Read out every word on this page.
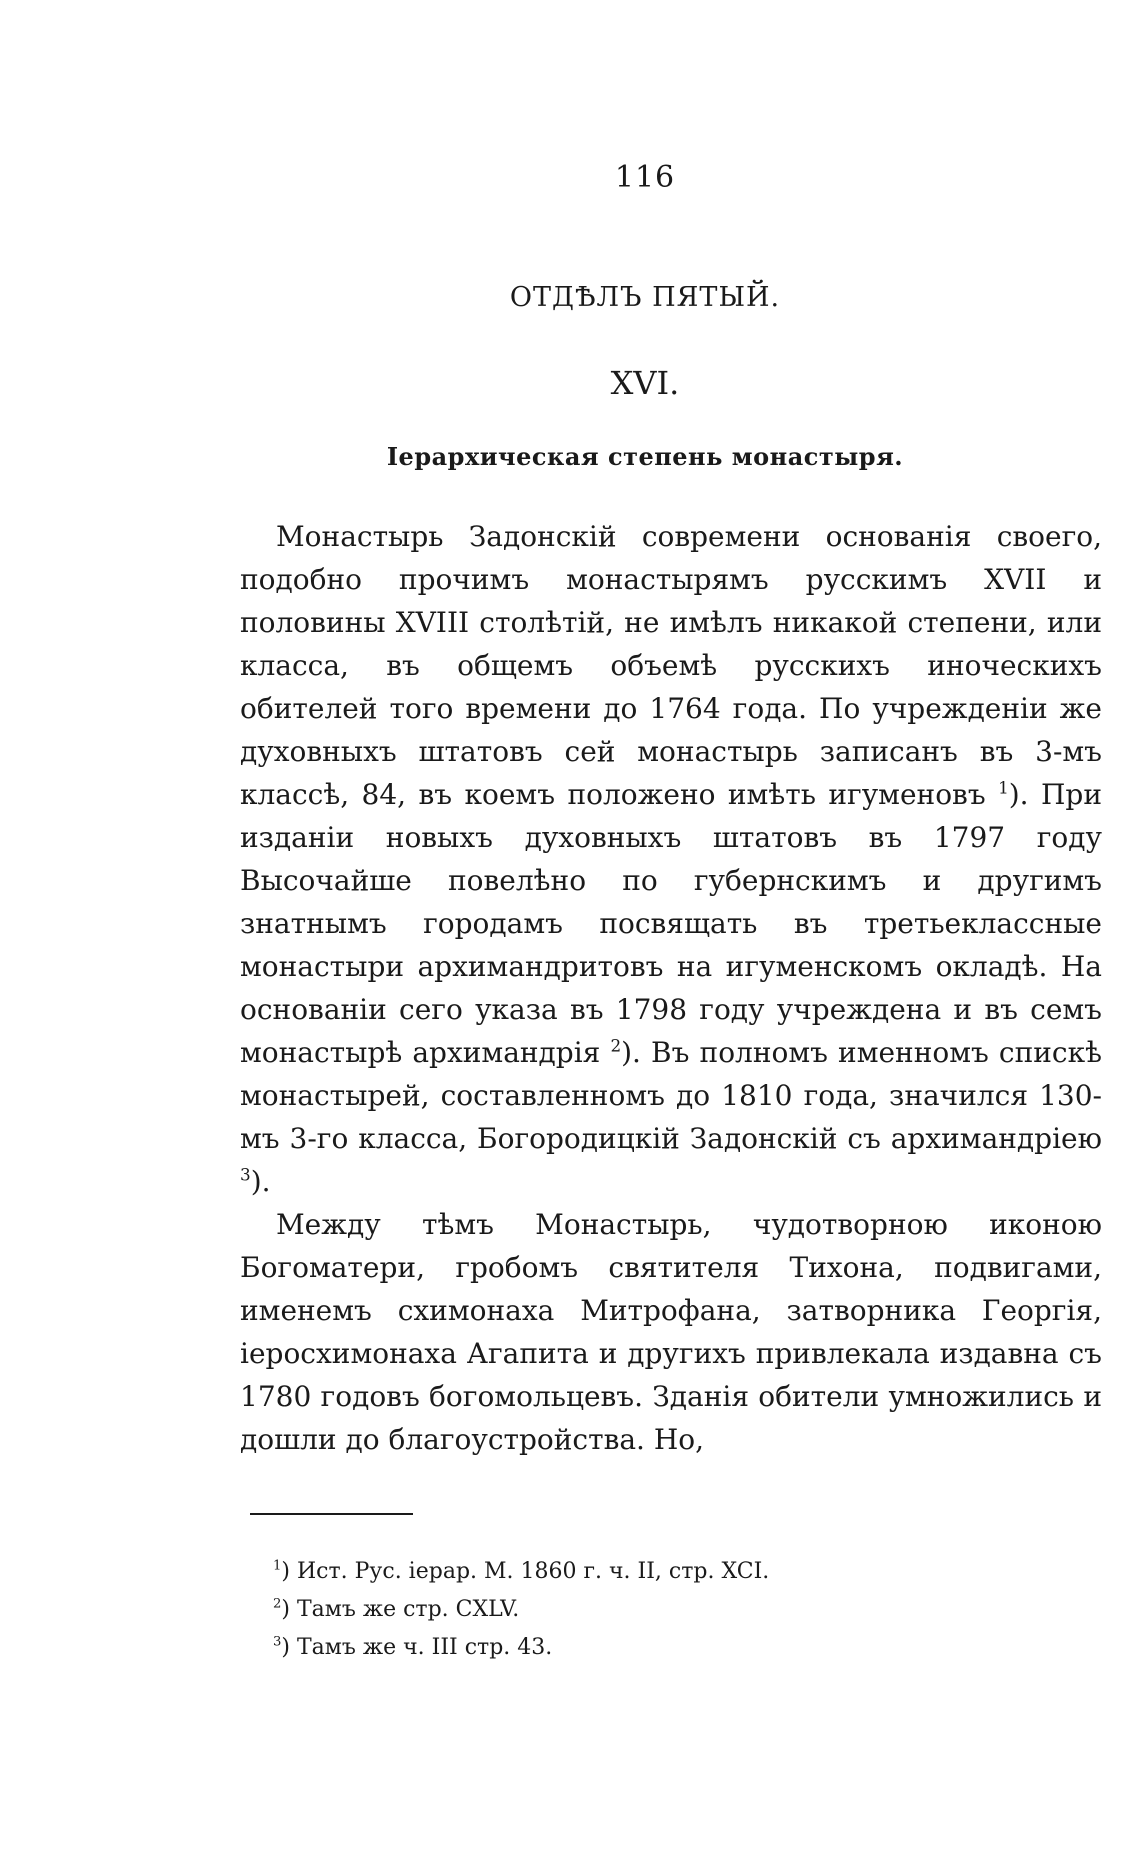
116
ОТДѢЛЪ ПЯТЫЙ.
XVI.
Іерархическая степень монастыря.

Монастырь Задонскій современи основанія своего, подобно прочимъ монастырямъ русскимъ XVII и половины XVIII столѣтій, не имѣлъ никакой степени, или класса, въ общемъ объемѣ русскихъ иноческихъ обителей того времени до 1764 года. По учрежденіи же духовныхъ штатовъ сей монастырь записанъ въ 3-мъ классѣ, 84, въ коемъ положено имѣть игуменовъ $^1$). При изданіи новыхъ духовныхъ штатовъ въ 1797 году Высочайше повелѣно по губернскимъ и другимъ знатнымъ городамъ посвящать въ третьеклассные монастыри архимандритовъ на игуменскомъ окладѣ. На основаніи сего указа въ 1798 году учреждена и въ семъ монастырѣ архимандрія $^2$). Въ полномъ именномъ спискѣ монастырей, составленномъ до 1810 года, значился 130-мъ 3-го класса, Богородицкій Задонскій съ архимандріею $^3$).

Между тѣмъ Монастырь, чудотворною иконою Богоматери, гробомъ святителя Тихона, подвигами, именемъ схимонаха Митрофана, затворника Георгія, іеросхимонаха Агапита и другихъ привлекала издавна съ 1780 годовъ богомольцевъ. Зданія обители умножились и дошли до благоустройства. Но,

$^1$) Ист. Рус. іерар. М. 1860 г. ч. II, стр. XCI.
$^2$) Тамъ же стр. CXLV.
$^3$) Тамъ же ч. III стр. 43.
